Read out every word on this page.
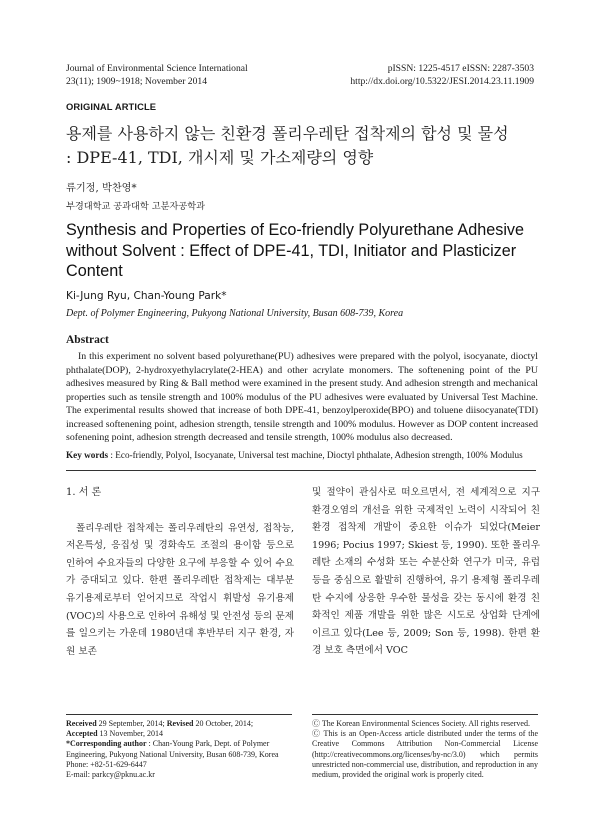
Journal of Environmental Science International
23(11); 1909~1918; November 2014
pISSN: 1225-4517 eISSN: 2287-3503
http://dx.doi.org/10.5322/JESI.2014.23.11.1909
ORIGINAL ARTICLE
용제를 사용하지 않는 친환경 폴리우레탄 접착제의 합성 및 물성
: DPE-41, TDI, 개시제 및 가소제량의 영향
류기정, 박찬영*
부경대학교 공과대학 고분자공학과
Synthesis and Properties of Eco-friendly Polyurethane Adhesive without Solvent : Effect of DPE-41, TDI, Initiator and Plasticizer Content
Ki-Jung Ryu, Chan-Young Park*
Dept. of Polymer Engineering, Pukyong National University, Busan 608-739, Korea
Abstract
In this experiment no solvent based polyurethane(PU) adhesives were prepared with the polyol, isocyanate, dioctyl phthalate(DOP), 2-hydroxyethylacrylate(2-HEA) and other acrylate monomers. The softenening point of the PU adhesives measured by Ring & Ball method were examined in the present study. And adhesion strength and mechanical properties such as tensile strength and 100% modulus of the PU adhesives were evaluated by Universal Test Machine. The experimental results showed that increase of both DPE-41, benzoylperoxide(BPO) and toluene diisocyanate(TDI) increased softenening point, adhesion strength, tensile strength and 100% modulus. However as DOP content increased sofenening point, adhesion strength decreased and tensile strength, 100% modulus also decreased.
Key words : Eco-friendly, Polyol, Isocyanate, Universal test machine, Dioctyl phthalate, Adhesion strength, 100% Modulus
1. 서 론
폴리우레탄 접착제는 폴리우레탄의 유연성, 접착능, 저온특성, 응집성 및 경화속도 조절의 용이함 등으로 인하여 수요자들의 다양한 요구에 부응할 수 있어 수요가 증대되고 있다. 한편 폴리우레탄 접착제는 대부분 유기용제로부터 얻어지므로 작업시 휘발성 유기용제(VOC)의 사용으로 인하여 유해성 및 안전성 등의 문제를 일으키는 가운데 1980년대 후반부터 지구 환경, 자원 보존
및 절약이 관심사로 떠오르면서, 전 세계적으로 지구 환경오염의 개선을 위한 국제적인 노력이 시작되어 친환경 접착제 개발이 중요한 이슈가 되었다(Meier 1996; Pocius 1997; Skiest 등, 1990). 또한 폴리우레탄 소재의 수성화 또는 수분산화 연구가 미국, 유럽 등을 중심으로 활발히 진행하여, 유기 용제형 폴리우레탄 수지에 상응한 우수한 물성을 갖는 동시에 환경 친화적인 제품 개발을 위한 많은 시도로 상업화 단계에 이르고 있다(Lee 등, 2009; Son 등, 1998). 한편 환경 보호 측면에서 VOC
Received 29 September, 2014; Revised 20 October, 2014;
Accepted 13 November, 2014
*Corresponding author : Chan-Young Park, Dept. of Polymer Engineering, Pukyong National University, Busan 608-739, Korea
Phone: +82-51-629-6447
E-mail: parkcy@pknu.ac.kr
Ⓒ The Korean Environmental Sciences Society. All rights reserved.
Ⓒ This is an Open-Access article distributed under the terms of the Creative Commons Attribution Non-Commercial License (http://creativecommons.org/licenses/by-nc/3.0) which permits unrestricted non-commercial use, distribution, and reproduction in any medium, provided the original work is properly cited.
